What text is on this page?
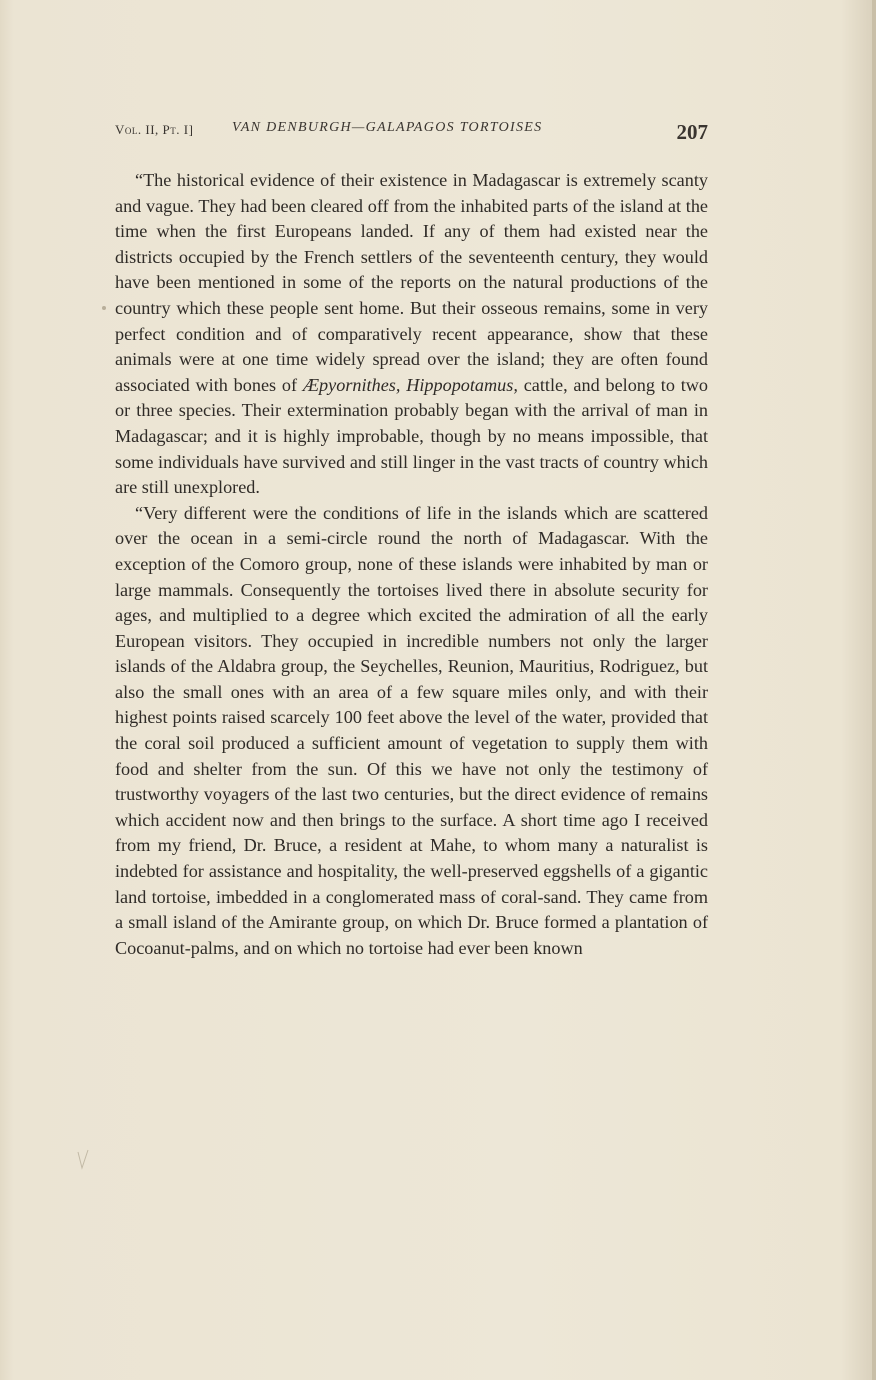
Vol. II, Pt. I]	VAN DENBURGH—GALAPAGOS TORTOISES	207

“The historical evidence of their existence in Madagascar is extremely scanty and vague. They had been cleared off from the inhabited parts of the island at the time when the first Europeans landed. If any of them had existed near the districts occupied by the French settlers of the seventeenth century, they would have been mentioned in some of the reports on the natural productions of the country which these people sent home. But their osseous remains, some in very perfect condition and of comparatively recent appearance, show that these animals were at one time widely spread over the island; they are often found associated with bones of Æpyornithes, Hippopotamus, cattle, and belong to two or three species. Their extermination probably began with the arrival of man in Madagascar; and it is highly improbable, though by no means impossible, that some individuals have survived and still linger in the vast tracts of country which are still unexplored.

“Very different were the conditions of life in the islands which are scattered over the ocean in a semi-circle round the north of Madagascar. With the exception of the Comoro group, none of these islands were inhabited by man or large mammals. Consequently the tortoises lived there in absolute security for ages, and multiplied to a degree which excited the admiration of all the early European visitors. They occupied in incredible numbers not only the larger islands of the Aldabra group, the Seychelles, Reunion, Mauritius, Rodriguez, but also the small ones with an area of a few square miles only, and with their highest points raised scarcely 100 feet above the level of the water, provided that the coral soil produced a sufficient amount of vegetation to supply them with food and shelter from the sun. Of this we have not only the testimony of trustworthy voyagers of the last two centuries, but the direct evidence of remains which accident now and then brings to the surface. A short time ago I received from my friend, Dr. Bruce, a resident at Mahe, to whom many a naturalist is indebted for assistance and hospitality, the well-preserved eggshells of a gigantic land tortoise, imbedded in a conglomerated mass of coral-sand. They came from a small island of the Amirante group, on which Dr. Bruce formed a plantation of Cocoanut-palms, and on which no tortoise had ever been known
